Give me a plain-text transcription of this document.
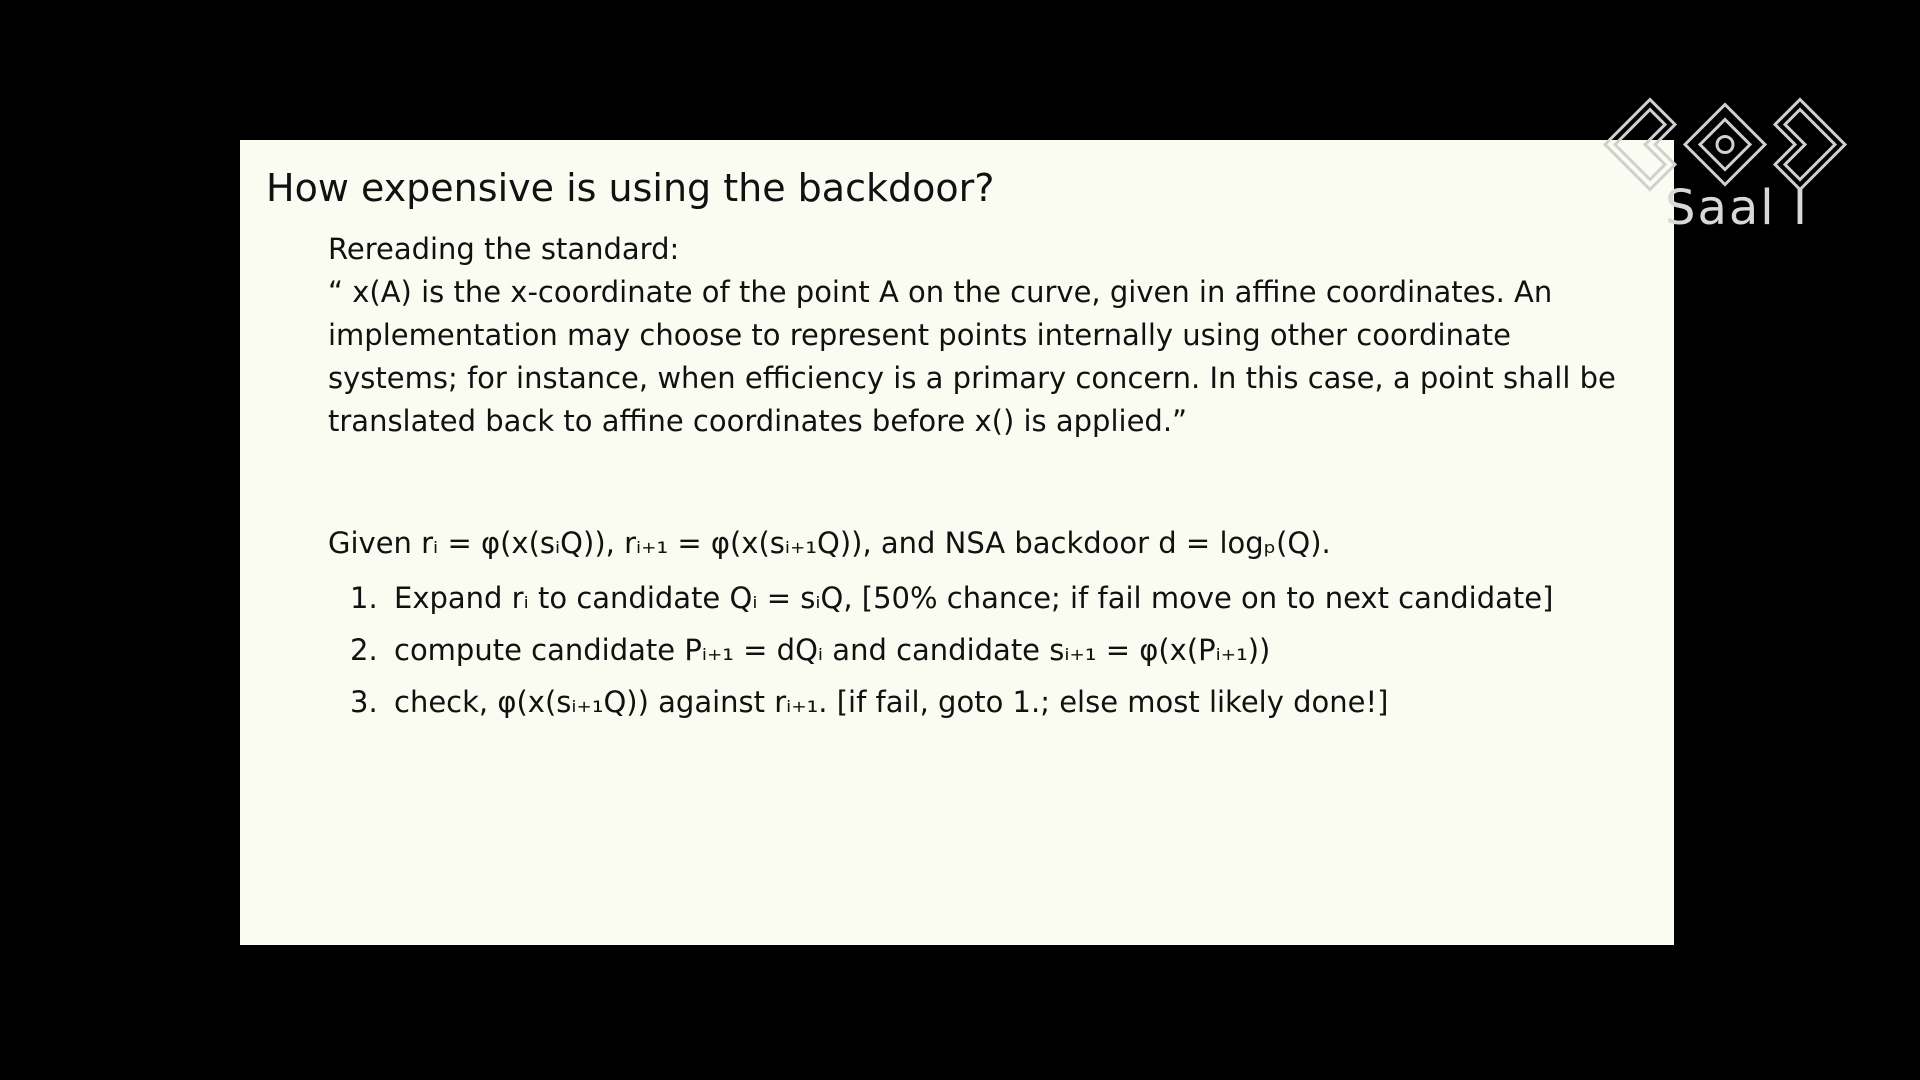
How expensive is using the backdoor?

Rereading the standard:

“ x(A) is the x-coordinate of the point A on the curve, given in affine coordinates. An implementation may choose to represent points internally using other coordinate systems; for instance, when efficiency is a primary concern. In this case, a point shall be translated back to affine coordinates before x() is applied.”

Given rᵢ = φ(x(sᵢQ)), rᵢ₊₁ = φ(x(sᵢ₊₁Q)), and NSA backdoor d = logₚ(Q).

1. Expand rᵢ to candidate Qᵢ = sᵢQ, [50% chance; if fail move on to next candidate]
2. compute candidate Pᵢ₊₁ = dQᵢ and candidate sᵢ₊₁ = φ(x(Pᵢ₊₁))
3. check, φ(x(sᵢ₊₁Q)) against rᵢ₊₁. [if fail, goto 1.; else most likely done!]
Saal I
